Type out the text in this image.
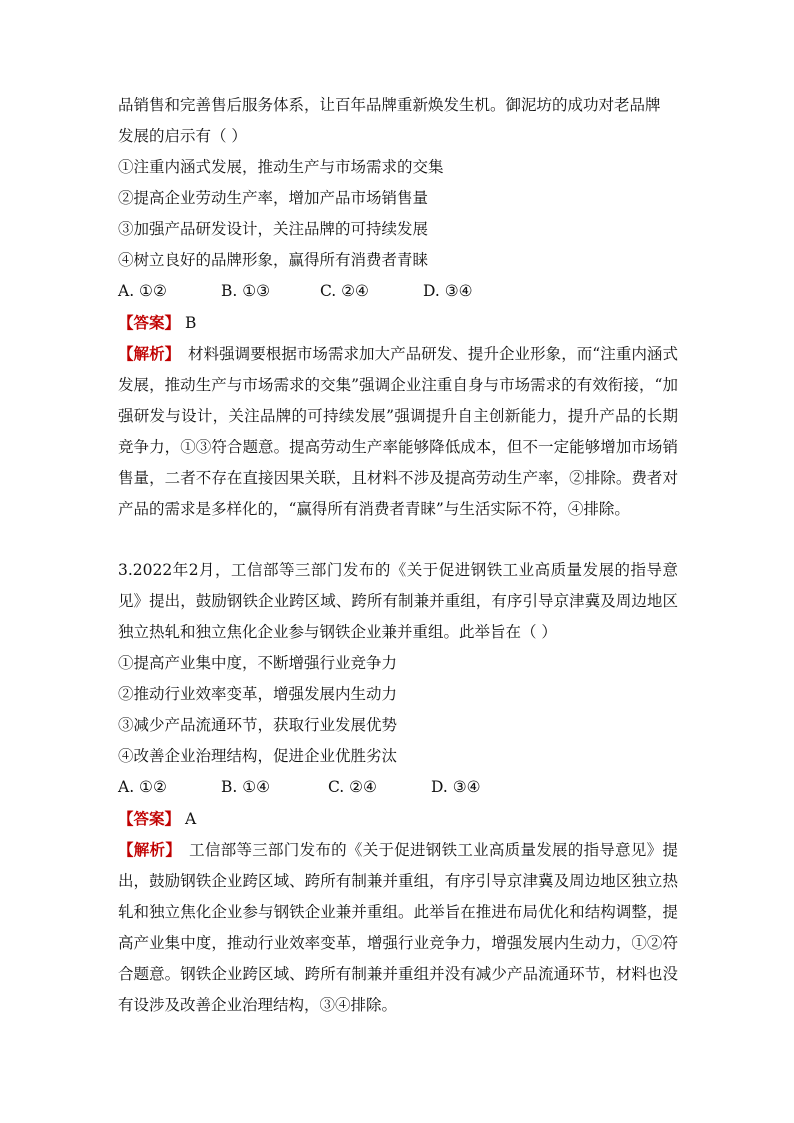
品销售和完善售后服务体系，让百年品牌重新焕发生机。御泥坊的成功对老品牌
发展的启示有（ ）
①注重内涵式发展，推动生产与市场需求的交集
②提高企业劳动生产率，增加产品市场销售量
③加强产品研发设计，关注品牌的可持续发展
④树立良好的品牌形象，赢得所有消费者青睐
A. ①②	B. ①③	C. ②④	D. ③④
【答案】 B
【解析】　 材料强调要根据市场需求加大产品研发、提升企业形象，而“注重内涵式发展，推动生产与市场需求的交集”强调企业注重自身与市场需求的有效衔接，“加强研发与设计，关注品牌的可持续发展”强调提升自主创新能力，提升产品的长期竞争力，①③符合题意。提高劳动生产率能够降低成本，但不一定能够增加市场销售量，二者不存在直接因果关联，且材料不涉及提高劳动生产率，②排除。费者对产品的需求是多样化的，“赢得所有消费者青睐”与生活实际不符，④排除。
3.2022年2月，工信部等三部门发布的《关于促进钢铁工业高质量发展的指导意见》提出，鼓励钢铁企业跨区域、跨所有制兼并重组，有序引导京津冀及周边地区独立热轧和独立焦化企业参与钢铁企业兼并重组。此举旨在（ ）
①提高产业集中度，不断增强行业竞争力
②推动行业效率变革，增强发展内生动力
③减少产品流通环节，获取行业发展优势
④改善企业治理结构，促进企业优胜劣汰
A. ①②	B. ①④	C. ②④	D. ③④
【答案】 A
【解析】　 工信部等三部门发布的《关于促进钢铁工业高质量发展的指导意见》提出，鼓励钢铁企业跨区域、跨所有制兼并重组，有序引导京津冀及周边地区独立热轧和独立焦化企业参与钢铁企业兼并重组。此举旨在推进布局优化和结构调整，提高产业集中度，推动行业效率变革，增强行业竞争力，增强发展内生动力，①②符合题意。钢铁企业跨区域、跨所有制兼并重组并没有减少产品流通环节，材料也没有设涉及改善企业治理结构，③④排除。
